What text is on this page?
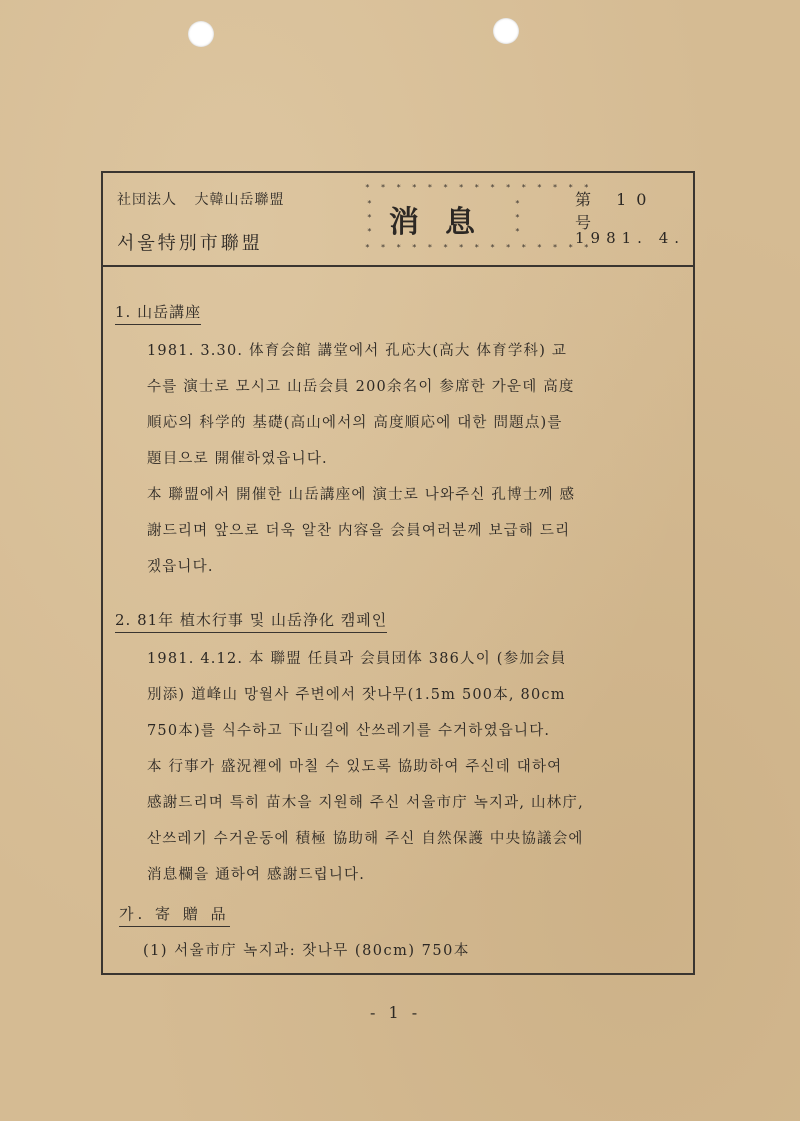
社団法人 大韓山岳聯盟
서울特別市聯盟
* * * * * * * * * * * * * * *
*
*
* 消息
*
*
*
* * * * * * * * * * * * * * *
第 10 号
1981. 4.
1. 山岳講座
1981. 3.30. 体育会館 講堂에서 孔応大(高大 体育学科) 교
수를 演士로 모시고 山岳会員 200余名이 参席한 가운데 高度
順応의 科学的 基礎(高山에서의 高度順応에 대한 問題点)를
題目으로 開催하였읍니다.
本 聯盟에서 開催한 山岳講座에 演士로 나와주신 孔博士께 感
謝드리며 앞으로 더욱 알찬 内容을 会員여러분께 보급해 드리
겠읍니다.
2. 81年 植木行事 및 山岳浄化 캠페인
1981. 4.12. 本 聯盟 任員과 会員団体 386人이 (参加会員
別添) 道峰山 망월사 주변에서 잣나무(1.5m 500本, 80cm
750本)를 식수하고 下山길에 산쓰레기를 수거하였읍니다.
本 行事가 盛況裡에 마칠 수 있도록 協助하여 주신데 대하여
感謝드리며 특히 苗木을 지원해 주신 서울市庁 녹지과, 山林庁,
산쓰레기 수거운동에 積極 協助해 주신 自然保護 中央協議会에
消息欄을 通하여 感謝드립니다.
가. 寄 贈 品
(1) 서울市庁 녹지과: 잣나무 (80cm) 750本
- 1 -
